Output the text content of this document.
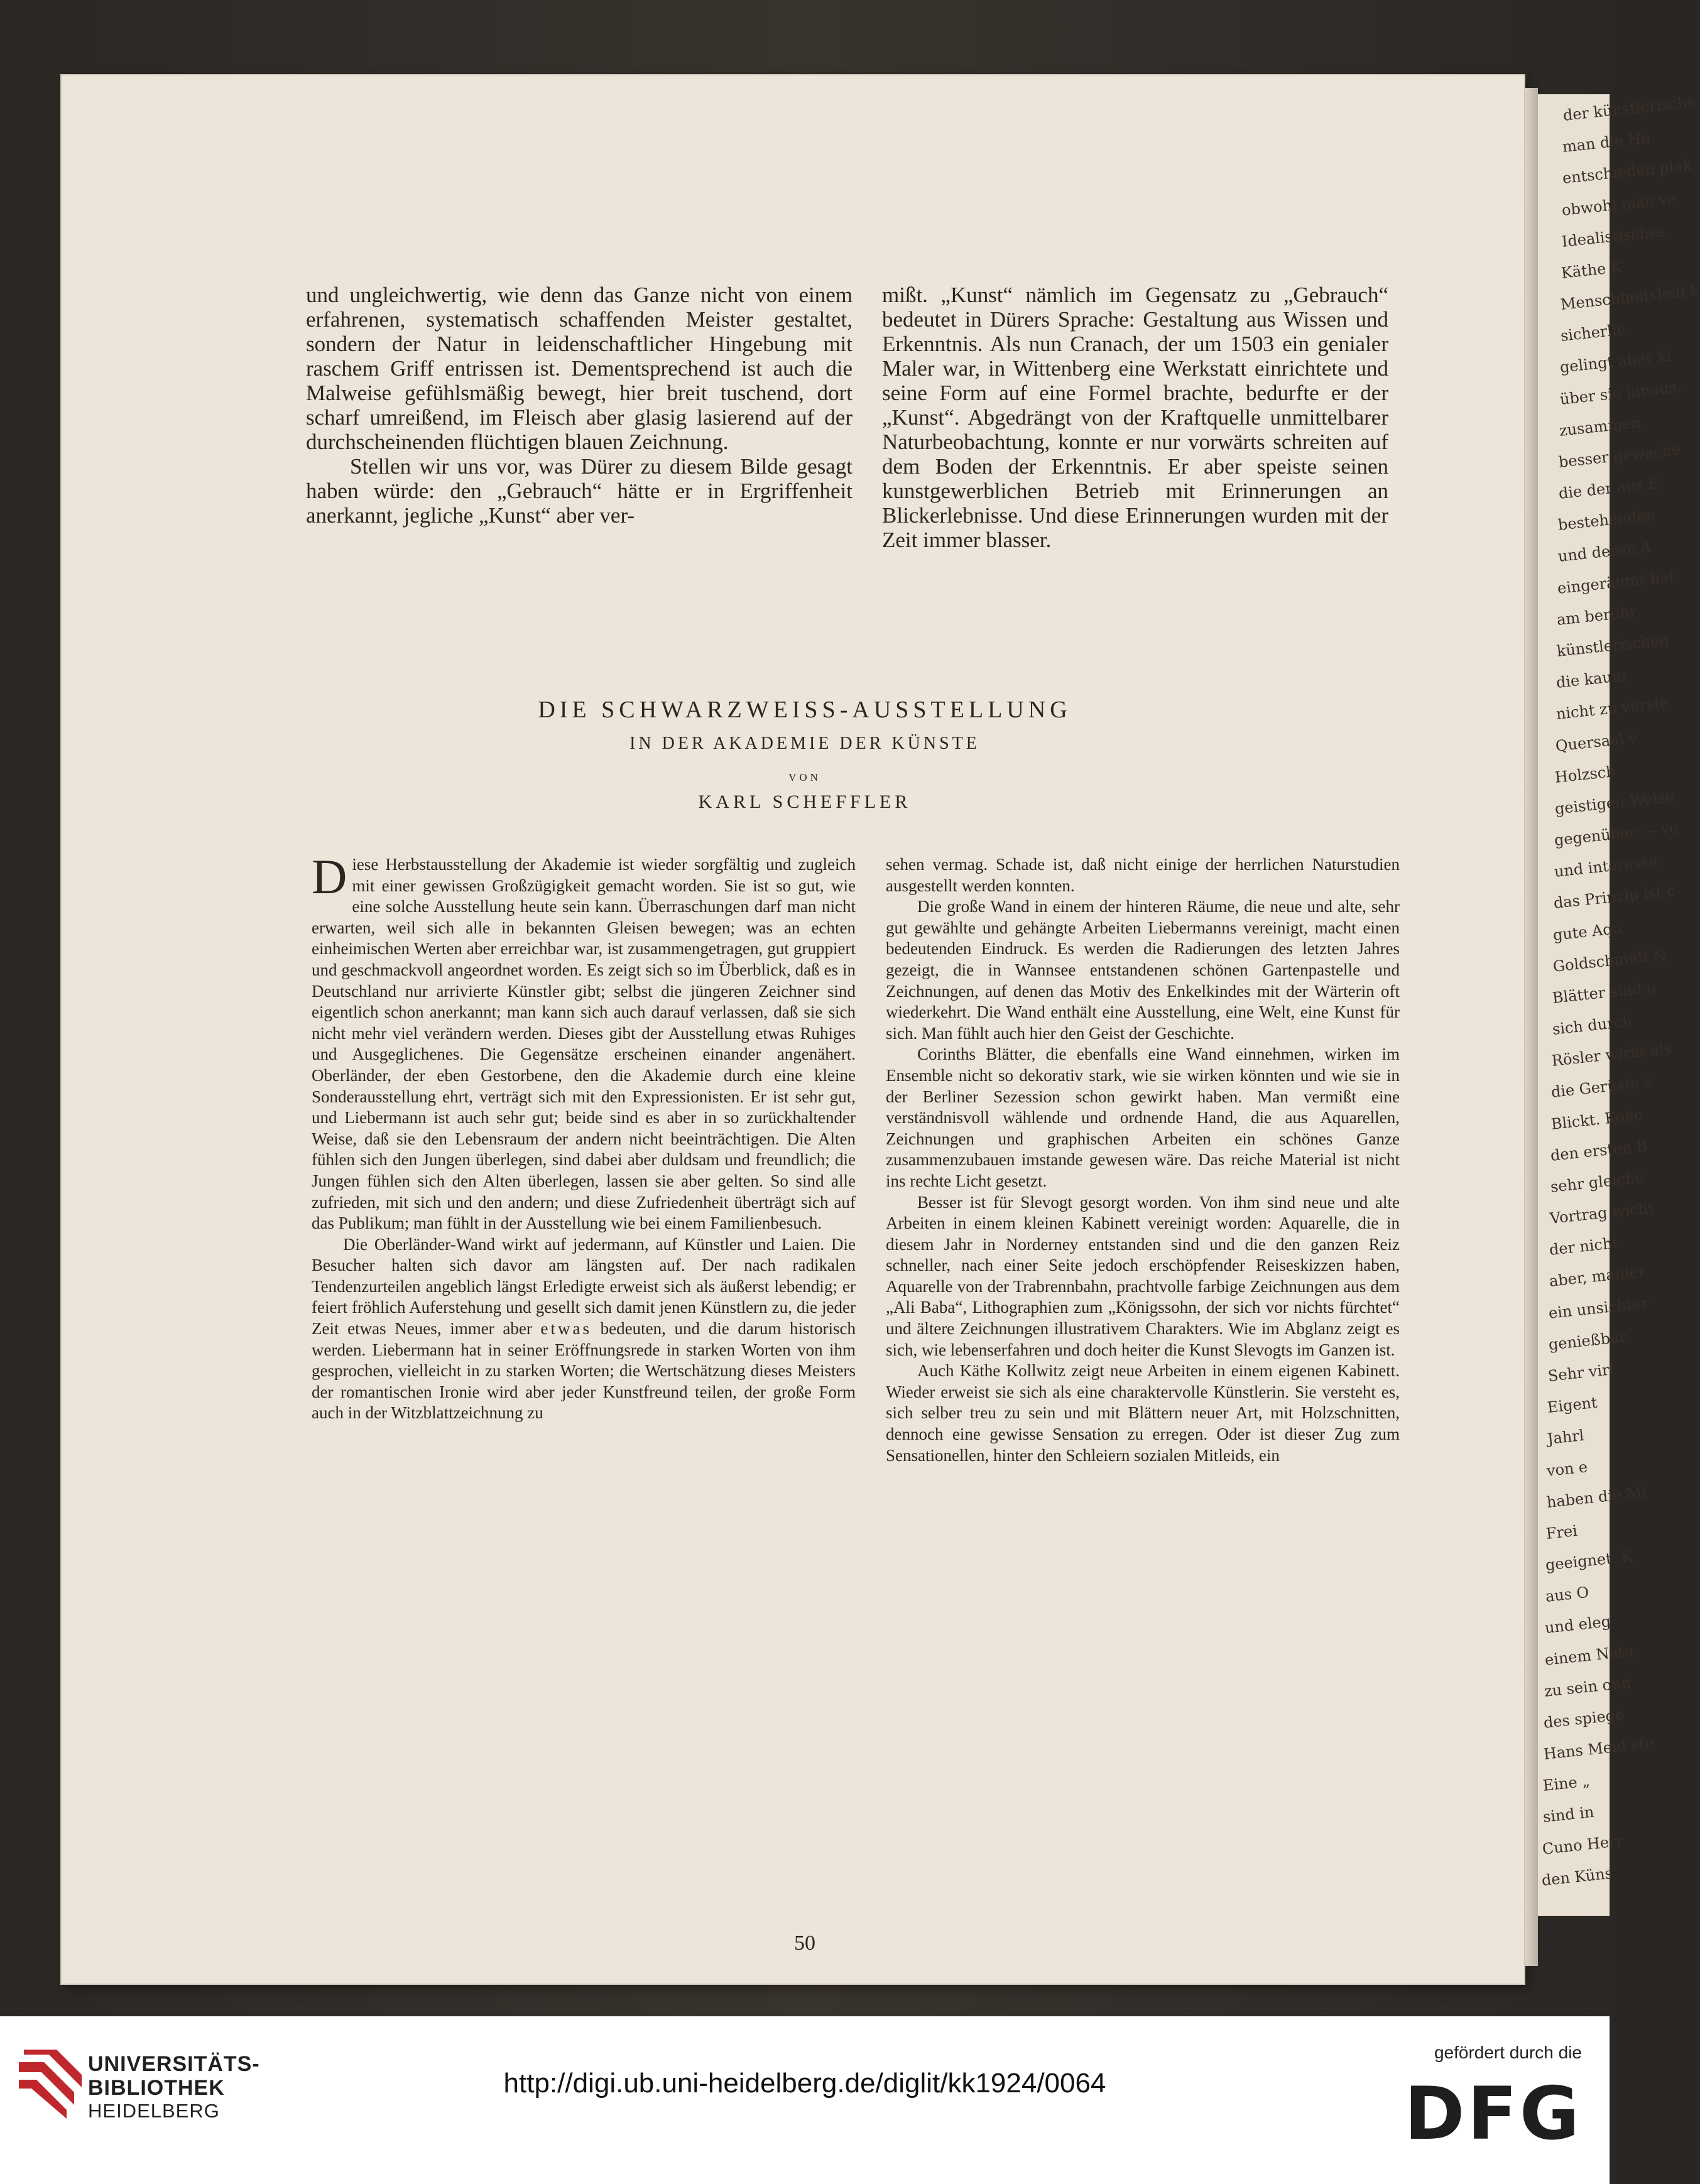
der künstlerische
man die Ho
entschieden plak
obwohl man ve
Idealistisches
Käthe K
Menschheitsleid k
sicherlic
gelingt aber ki
über sie hinaus.
zusammen
besser gewache
die der aus E
bestehenden
und deren A
eingeräumt hat
am berühr
künstlerischen
die kaum
nicht zu verste
Quersaal v
Holzsch
geistigen Weise
gegenüber — vo
und interessa
das Prinzip ist c
gute Aqu
Goldschmidt &
Blätter sind u
sich durch
Rösler wirkt als
die Gerüste s
Blickt. Koko
den ersten B
sehr gleiche
Vortrag wicht
der nicht
aber, manier
ein unsichter
genießbar.
Sehr virt
Eigent
Jahrl
von e
haben die Mi
Frei
geeignet. K
aus O
und eleg
einem Natu
zu sein ohn
des spiege
Hans Meid ste
Eine „
sind in
Cuno Herr
den Küns

und ungleichwertig, wie denn das Ganze nicht von einem erfahrenen, systematisch schaffenden Meister gestaltet, sondern der Natur in leidenschaftlicher Hingebung mit raschem Griff entrissen ist. Dementsprechend ist auch die Malweise gefühlsmäßig bewegt, hier breit tuschend, dort scharf umreißend, im Fleisch aber glasig lasierend auf der durchscheinenden flüchtigen blauen Zeichnung.

Stellen wir uns vor, was Dürer zu diesem Bilde gesagt haben würde: den „Gebrauch“ hätte er in Ergriffenheit anerkannt, jegliche „Kunst“ aber ver-

mißt. „Kunst“ nämlich im Gegensatz zu „Gebrauch“ bedeutet in Dürers Sprache: Gestaltung aus Wissen und Erkenntnis. Als nun Cranach, der um 1503 ein genialer Maler war, in Wittenberg eine Werkstatt einrichtete und seine Form auf eine Formel brachte, bedurfte er der „Kunst“. Abgedrängt von der Kraftquelle unmittelbarer Naturbeobachtung, konnte er nur vorwärts schreiten auf dem Boden der Erkenntnis. Er aber speiste seinen kunstgewerblichen Betrieb mit Erinnerungen an Blickerlebnisse. Und diese Erinnerungen wurden mit der Zeit immer blasser.

DIE SCHWARZWEISS-AUSSTELLUNG
IN DER AKADEMIE DER KÜNSTE
VON
KARL SCHEFFLER

Diese Herbstausstellung der Akademie ist wieder sorgfältig und zugleich mit einer gewissen Großzügigkeit gemacht worden. Sie ist so gut, wie eine solche Ausstellung heute sein kann. Überraschungen darf man nicht erwarten, weil sich alle in bekannten Gleisen bewegen; was an echten einheimischen Werten aber erreichbar war, ist zusammengetragen, gut gruppiert und geschmackvoll angeordnet worden. Es zeigt sich so im Überblick, daß es in Deutschland nur arrivierte Künstler gibt; selbst die jüngeren Zeichner sind eigentlich schon anerkannt; man kann sich auch darauf verlassen, daß sie sich nicht mehr viel verändern werden. Dieses gibt der Ausstellung etwas Ruhiges und Ausgeglichenes. Die Gegensätze erscheinen einander angenähert. Oberländer, der eben Gestorbene, den die Akademie durch eine kleine Sonderausstellung ehrt, verträgt sich mit den Expressionisten. Er ist sehr gut, und Liebermann ist auch sehr gut; beide sind es aber in so zurückhaltender Weise, daß sie den Lebensraum der andern nicht beeinträchtigen. Die Alten fühlen sich den Jungen überlegen, sind dabei aber duldsam und freundlich; die Jungen fühlen sich den Alten überlegen, lassen sie aber gelten. So sind alle zufrieden, mit sich und den andern; und diese Zufriedenheit überträgt sich auf das Publikum; man fühlt in der Ausstellung wie bei einem Familienbesuch.

Die Oberländer-Wand wirkt auf jedermann, auf Künstler und Laien. Die Besucher halten sich davor am längsten auf. Der nach radikalen Tendenzurteilen angeblich längst Erledigte erweist sich als äußerst lebendig; er feiert fröhlich Auferstehung und gesellt sich damit jenen Künstlern zu, die jeder Zeit etwas Neues, immer aber etwas bedeuten, und die darum historisch werden. Liebermann hat in seiner Eröffnungsrede in starken Worten von ihm gesprochen, vielleicht in zu starken Worten; die Wertschätzung dieses Meisters der romantischen Ironie wird aber jeder Kunstfreund teilen, der große Form auch in der Witzblattzeichnung zu

sehen vermag. Schade ist, daß nicht einige der herrlichen Naturstudien ausgestellt werden konnten.

Die große Wand in einem der hinteren Räume, die neue und alte, sehr gut gewählte und gehängte Arbeiten Liebermanns vereinigt, macht einen bedeutenden Eindruck. Es werden die Radierungen des letzten Jahres gezeigt, die in Wannsee entstandenen schönen Gartenpastelle und Zeichnungen, auf denen das Motiv des Enkelkindes mit der Wärterin oft wiederkehrt. Die Wand enthält eine Ausstellung, eine Welt, eine Kunst für sich. Man fühlt auch hier den Geist der Geschichte.

Corinths Blätter, die ebenfalls eine Wand einnehmen, wirken im Ensemble nicht so dekorativ stark, wie sie wirken könnten und wie sie in der Berliner Sezession schon gewirkt haben. Man vermißt eine verständnisvoll wählende und ordnende Hand, die aus Aquarellen, Zeichnungen und graphischen Arbeiten ein schönes Ganze zusammenzubauen imstande gewesen wäre. Das reiche Material ist nicht ins rechte Licht gesetzt.

Besser ist für Slevogt gesorgt worden. Von ihm sind neue und alte Arbeiten in einem kleinen Kabinett vereinigt worden: Aquarelle, die in diesem Jahr in Norderney entstanden sind und die den ganzen Reiz schneller, nach einer Seite jedoch erschöpfender Reiseskizzen haben, Aquarelle von der Trabrennbahn, prachtvolle farbige Zeichnungen aus dem „Ali Baba“, Lithographien zum „Königssohn, der sich vor nichts fürchtet“ und ältere Zeichnungen illustrativem Charakters. Wie im Abglanz zeigt es sich, wie lebenserfahren und doch heiter die Kunst Slevogts im Ganzen ist.

Auch Käthe Kollwitz zeigt neue Arbeiten in einem eigenen Kabinett. Wieder erweist sie sich als eine charaktervolle Künstlerin. Sie versteht es, sich selber treu zu sein und mit Blättern neuer Art, mit Holzschnitten, dennoch eine gewisse Sensation zu erregen. Oder ist dieser Zug zum Sensationellen, hinter den Schleiern sozialen Mitleids, ein

50
UNIVERSITÄTS-
BIBLIOTHEK
HEIDELBERG
http://digi.ub.uni-heidelberg.de/diglit/kk1924/0064
gefördert durch die
DFG
